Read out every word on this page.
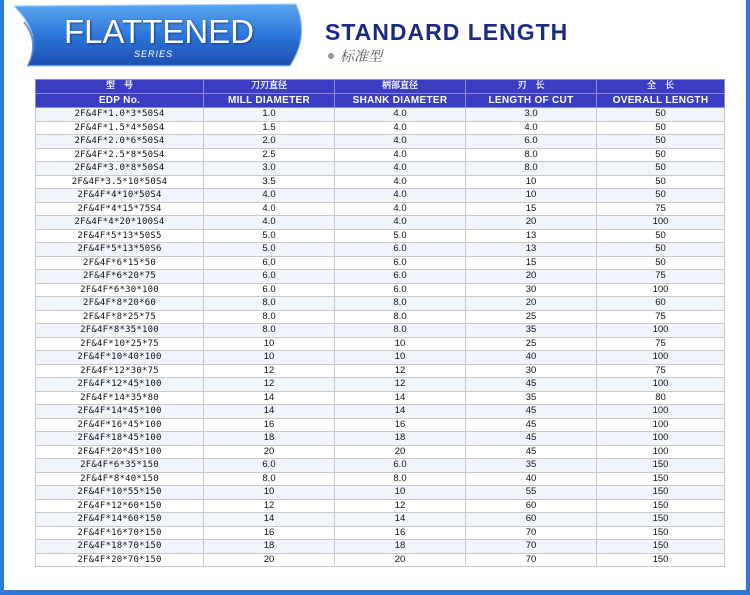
FLATTENED
SERIES
STANDARD LENGTH
标准型
型　号	刀刃直径	柄部直径	刃　长	全　长
EDP No.	MILL DIAMETER	SHANK DIAMETER	LENGTH OF CUT	OVERALL LENGTH
2F&4F*1.0*3*50S4	1.0	4.0	3.0	50
2F&4F*1.5*4*50S4	1.5	4.0	4.0	50
2F&4F*2.0*6*50S4	2.0	4.0	6.0	50
2F&4F*2.5*8*50S4	2.5	4.0	8.0	50
2F&4F*3.0*8*50S4	3.0	4.0	8.0	50
2F&4F*3.5*10*50S4	3.5	4.0	10	50
2F&4F*4*10*50S4	4.0	4.0	10	50
2F&4F*4*15*75S4	4.0	4.0	15	75
2F&4F*4*20*100S4	4.0	4.0	20	100
2F&4F*5*13*50S5	5.0	5.0	13	50
2F&4F*5*13*50S6	5.0	6.0	13	50
2F&4F*6*15*50	6.0	6.0	15	50
2F&4F*6*20*75	6.0	6.0	20	75
2F&4F*6*30*100	6.0	6.0	30	100
2F&4F*8*20*60	8.0	8.0	20	60
2F&4F*8*25*75	8.0	8.0	25	75
2F&4F*8*35*100	8.0	8.0	35	100
2F&4F*10*25*75	10	10	25	75
2F&4F*10*40*100	10	10	40	100
2F&4F*12*30*75	12	12	30	75
2F&4F*12*45*100	12	12	45	100
2F&4F*14*35*80	14	14	35	80
2F&4F*14*45*100	14	14	45	100
2F&4F*16*45*100	16	16	45	100
2F&4F*18*45*100	18	18	45	100
2F&4F*20*45*100	20	20	45	100
2F&4F*6*35*150	6.0	6.0	35	150
2F&4F*8*40*150	8.0	8.0	40	150
2F&4F*10*55*150	10	10	55	150
2F&4F*12*60*150	12	12	60	150
2F&4F*14*60*150	14	14	60	150
2F&4F*16*70*150	16	16	70	150
2F&4F*18*70*150	18	18	70	150
2F&4F*20*70*150	20	20	70	150
